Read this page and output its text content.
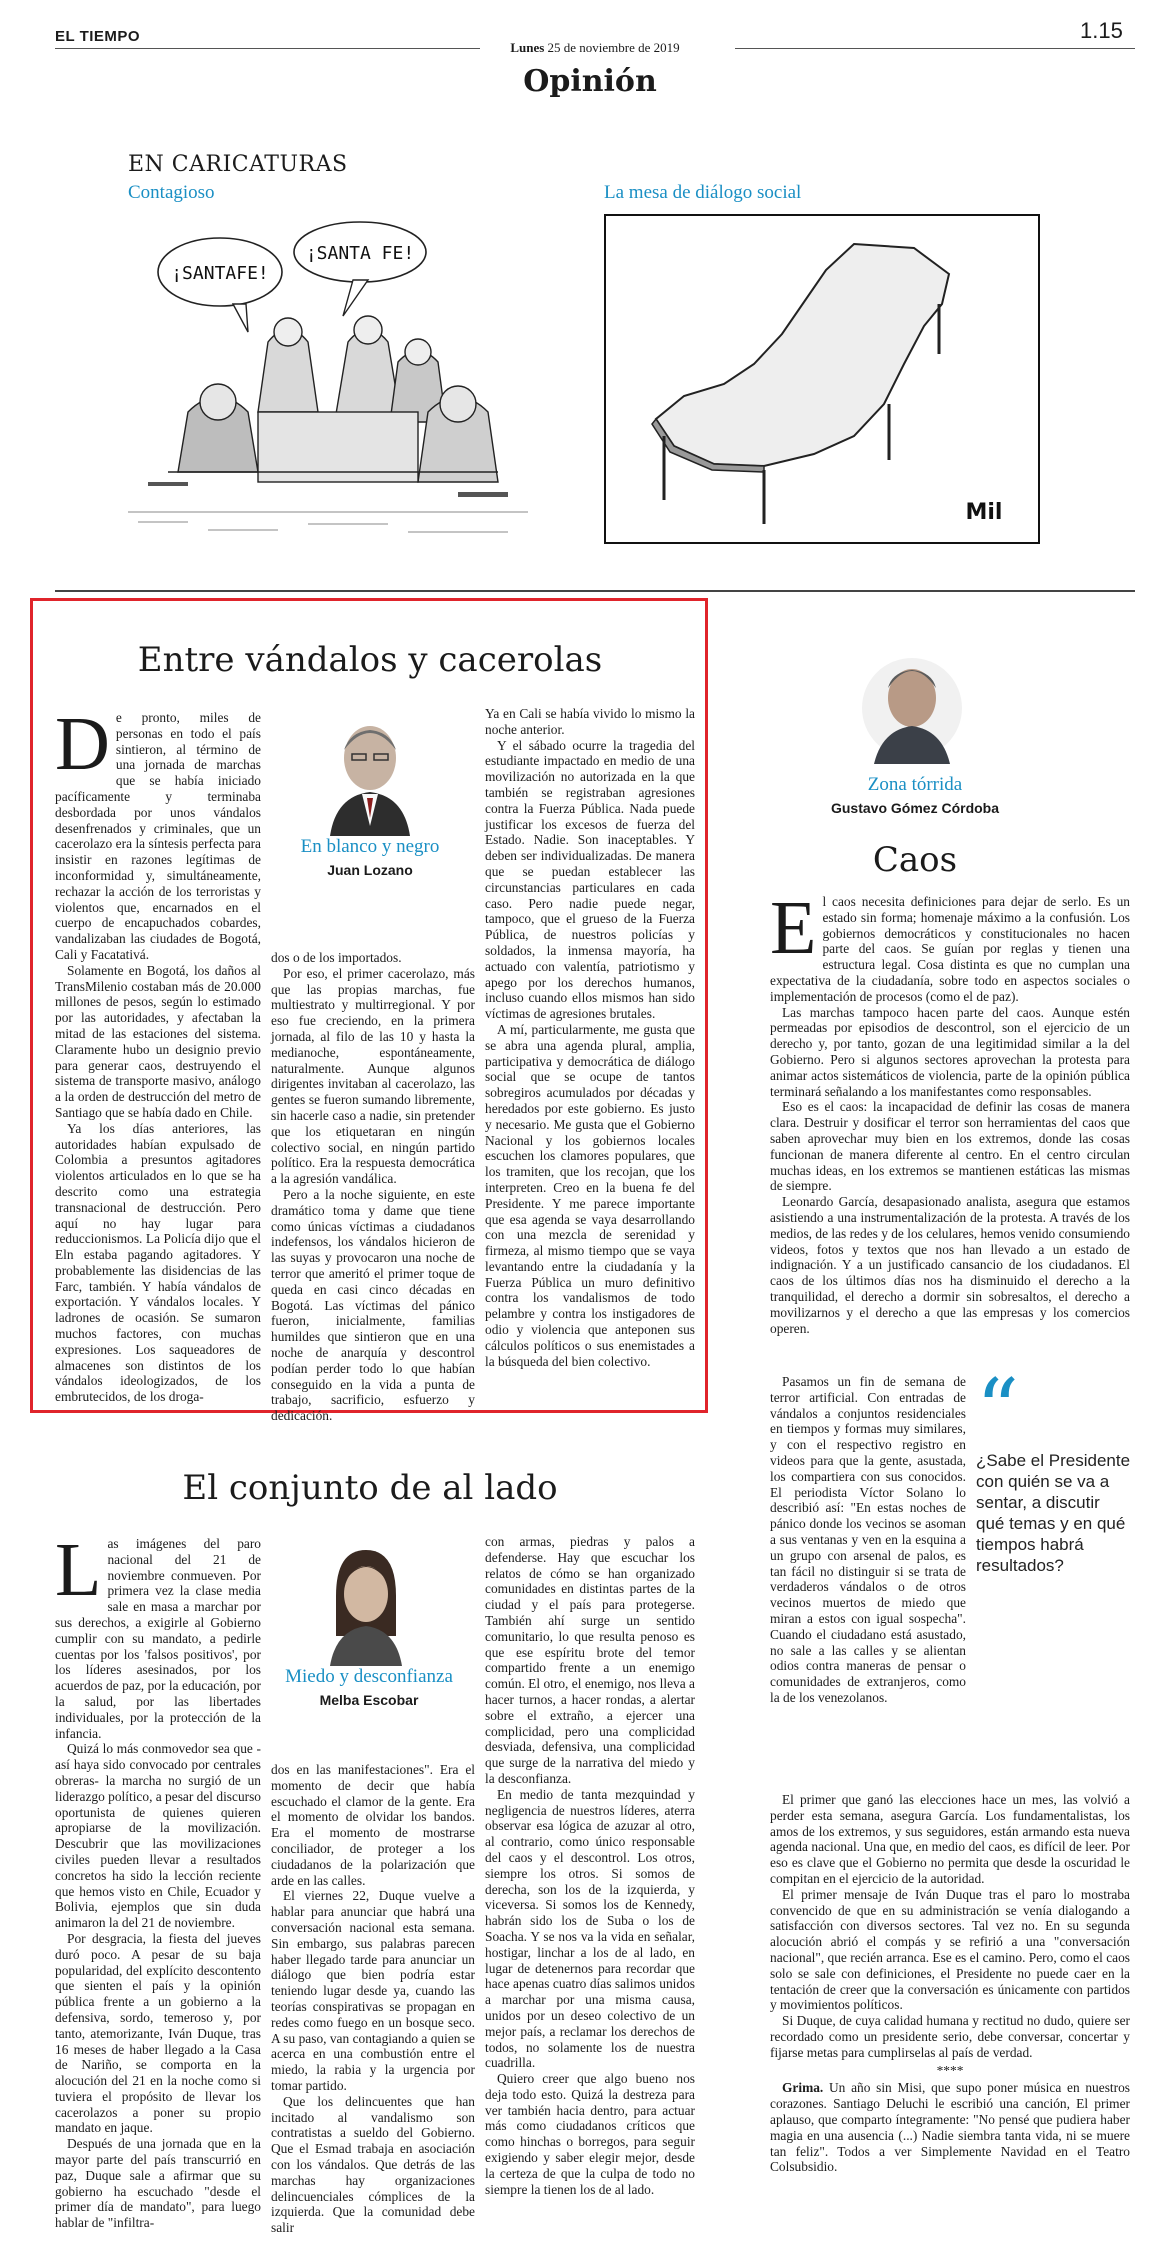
EL TIEMPO
Lunes 25 de noviembre de 2019
1.15
Opinión
EN CARICATURAS
Contagioso	La mesa de diálogo social
¡SANTAFE!
¡SANTA FE!
Mil
Entre vándalos y cacerolas
En blanco y negro
Juan Lozano
D e pronto, miles de personas en todo el país sintieron, al término de una jornada de marchas que se había iniciado pacíficamente y terminaba desbordada por unos vándalos desenfrenados y criminales, que un cacerolazo era la síntesis perfecta para insistir en razones legítimas de inconformidad y, simultáneamente, rechazar la acción de los terroristas y violentos que, encarnados en el cuerpo de encapuchados cobardes, vandalizaban las ciudades de Bogotá, Cali y Facatativá.

Solamente en Bogotá, los daños al TransMilenio costaban más de 20.000 millones de pesos, según lo estimado por las autoridades, y afectaban la mitad de las estaciones del sistema. Claramente hubo un designio previo para generar caos, destruyendo el sistema de transporte masivo, análogo a la orden de destrucción del metro de Santiago que se había dado en Chile.

Ya los días anteriores, las autoridades habían expulsado de Colombia a presuntos agitadores violentos articulados en lo que se ha descrito como una estrategia transnacional de destrucción. Pero aquí no hay lugar para reduccionismos. La Policía dijo que el Eln estaba pagando agitadores. Y probablemente las disidencias de las Farc, también. Y había vándalos de exportación. Y vándalos locales. Y ladrones de ocasión. Se sumaron muchos factores, con muchas expresiones. Los saqueadores de almacenes son distintos de los vándalos ideologizados, de los embrutecidos, de los droga-

dos o de los importados.

Por eso, el primer cacerolazo, más que las propias marchas, fue multiestrato y multirregional. Y por eso fue creciendo, en la primera jornada, al filo de las 10 y hasta la medianoche, espontáneamente, naturalmente. Aunque algunos dirigentes invitaban al cacerolazo, las gentes se fueron sumando libremente, sin hacerle caso a nadie, sin pretender que los etiquetaran en ningún colectivo social, en ningún partido político. Era la respuesta democrática a la agresión vandálica.

Pero a la noche siguiente, en este dramático toma y dame que tiene como únicas víctimas a ciudadanos indefensos, los vándalos hicieron de las suyas y provocaron una noche de terror que ameritó el primer toque de queda en casi cinco décadas en Bogotá. Las víctimas del pánico fueron, inicialmente, familias humildes que sintieron que en una noche de anarquía y descontrol podían perder todo lo que habían conseguido en la vida a punta de trabajo, sacrificio, esfuerzo y dedicación.

Ya en Cali se había vivido lo mismo la noche anterior.

Y el sábado ocurre la tragedia del estudiante impactado en medio de una movilización no autorizada en la que también se registraban agresiones contra la Fuerza Pública. Nada puede justificar los excesos de fuerza del Estado. Nadie. Son inaceptables. Y deben ser individualizadas. De manera que se puedan establecer las circunstancias particulares en cada caso. Pero nadie puede negar, tampoco, que el grueso de la Fuerza Pública, de nuestros policías y soldados, la inmensa mayoría, ha actuado con valentía, patriotismo y apego por los derechos humanos, incluso cuando ellos mismos han sido víctimas de agresiones brutales.

A mí, particularmente, me gusta que se abra una agenda plural, amplia, participativa y democrática de diálogo social que se ocupe de tantos sobregiros acumulados por décadas y heredados por este gobierno. Es justo y necesario. Me gusta que el Gobierno Nacional y los gobiernos locales escuchen los clamores populares, que los tramiten, que los recojan, que los interpreten. Creo en la buena fe del Presidente. Y me parece importante que esa agenda se vaya desarrollando con una mezcla de serenidad y firmeza, al mismo tiempo que se vaya levantando entre la ciudadanía y la Fuerza Pública un muro definitivo contra los vandalismos de todo pelambre y contra los instigadores de odio y violencia que anteponen sus cálculos políticos o sus enemistades a la búsqueda del bien colectivo.

El conjunto de al lado
Miedo y desconfianza
Melba Escobar
L as imágenes del paro nacional del 21 de noviembre conmueven. Por primera vez la clase media sale en masa a marchar por sus derechos, a exigirle al Gobierno cumplir con su mandato, a pedirle cuentas por los 'falsos positivos', por los líderes asesinados, por los acuerdos de paz, por la educación, por la salud, por las libertades individuales, por la protección de la infancia.

Quizá lo más conmovedor sea que -así haya sido convocado por centrales obreras- la marcha no surgió de un liderazgo político, a pesar del discurso oportunista de quienes quieren apropiarse de la movilización. Descubrir que las movilizaciones civiles pueden llevar a resultados concretos ha sido la lección reciente que hemos visto en Chile, Ecuador y Bolivia, ejemplos que sin duda animaron la del 21 de noviembre.

Por desgracia, la fiesta del jueves duró poco. A pesar de su baja popularidad, del explícito descontento que sienten el país y la opinión pública frente a un gobierno a la defensiva, sordo, temeroso y, por tanto, atemorizante, Iván Duque, tras 16 meses de haber llegado a la Casa de Nariño, se comporta en la alocución del 21 en la noche como si tuviera el propósito de llevar los cacerolazos a poner su propio mandato en jaque.

Después de una jornada que en la mayor parte del país transcurrió en paz, Duque sale a afirmar que su gobierno ha escuchado "desde el primer día de mandato", para luego hablar de "infiltra-

dos en las manifestaciones". Era el momento de decir que había escuchado el clamor de la gente. Era el momento de olvidar los bandos. Era el momento de mostrarse conciliador, de proteger a los ciudadanos de la polarización que arde en las calles.

El viernes 22, Duque vuelve a hablar para anunciar que habrá una conversación nacional esta semana. Sin embargo, sus palabras parecen haber llegado tarde para anunciar un diálogo que bien podría estar teniendo lugar desde ya, cuando las teorías conspirativas se propagan en redes como fuego en un bosque seco. A su paso, van contagiando a quien se acerca en una combustión entre el miedo, la rabia y la urgencia por tomar partido.

Que los delincuentes que han incitado al vandalismo son contratistas a sueldo del Gobierno. Que el Esmad trabaja en asociación con los vándalos. Que detrás de las marchas hay organizaciones delincuenciales cómplices de la izquierda. Que la comunidad debe salir

con armas, piedras y palos a defenderse. Hay que escuchar los relatos de cómo se han organizado comunidades en distintas partes de la ciudad y el país para protegerse. También ahí surge un sentido comunitario, lo que resulta penoso es que ese espíritu brote del temor compartido frente a un enemigo común. El otro, el enemigo, nos lleva a hacer turnos, a hacer rondas, a alertar sobre el extraño, a ejercer una complicidad, pero una complicidad desviada, defensiva, una complicidad que surge de la narrativa del miedo y la desconfianza.

En medio de tanta mezquindad y negligencia de nuestros líderes, aterra observar esa lógica de azuzar al otro, al contrario, como único responsable del caos y el descontrol. Los otros, siempre los otros. Si somos de derecha, son los de la izquierda, y viceversa. Si somos los de Kennedy, habrán sido los de Suba o los de Soacha. Y se nos va la vida en señalar, hostigar, linchar a los de al lado, en lugar de detenernos para recordar que hace apenas cuatro días salimos unidos a marchar por una misma causa, unidos por un deseo colectivo de un mejor país, a reclamar los derechos de todos, no solamente los de nuestra cuadrilla.

Quiero creer que algo bueno nos deja todo esto. Quizá la destreza para ver también hacia dentro, para actuar más como ciudadanos críticos que como hinchas o borregos, para seguir exigiendo y saber elegir mejor, desde la certeza de que la culpa de todo no siempre la tienen los de al lado.

Zona tórrida
Gustavo Gómez Córdoba
Caos
E l caos necesita definiciones para dejar de serlo. Es un estado sin forma; homenaje máximo a la confusión. Los gobiernos democráticos y constitucionales no hacen parte del caos. Se guían por reglas y tienen una estructura legal. Cosa distinta es que no cumplan una expectativa de la ciudadanía, sobre todo en aspectos sociales o implementación de procesos (como el de paz).

Las marchas tampoco hacen parte del caos. Aunque estén permeadas por episodios de descontrol, son el ejercicio de un derecho y, por tanto, gozan de una legitimidad similar a la del Gobierno. Pero si algunos sectores aprovechan la protesta para animar actos sistemáticos de violencia, parte de la opinión pública terminará señalando a los manifestantes como responsables.

Eso es el caos: la incapacidad de definir las cosas de manera clara. Destruir y dosificar el terror son herramientas del caos que saben aprovechar muy bien en los extremos, donde las cosas funcionan de manera diferente al centro. En el centro circulan muchas ideas, en los extremos se mantienen estáticas las mismas de siempre.

Leonardo García, desapasionado analista, asegura que estamos asistiendo a una instrumentalización de la protesta. A través de los medios, de las redes y de los celulares, hemos venido consumiendo videos, fotos y textos que nos han llevado a un estado de indignación. Y a un justificado cansancio de los ciudadanos. El caos de los últimos días nos ha disminuido el derecho a la tranquilidad, el derecho a dormir sin sobresaltos, el derecho a movilizarnos y el derecho a que las empresas y los comercios operen.

“
¿Sabe el Presidente con quién se va a sentar, a discutir qué temas y en qué tiempos habrá resultados?

Pasamos un fin de semana de terror artificial. Con entradas de vándalos a conjuntos residenciales en tiempos y formas muy similares, y con el respectivo registro en videos para que la gente, asustada, los compartiera con sus conocidos. El periodista Víctor Solano lo describió así: "En estas noches de pánico donde los vecinos se asoman a sus ventanas y ven en la esquina a un grupo con arsenal de palos, es tan fácil no distinguir si se trata de verdaderos vándalos o de otros vecinos muertos de miedo que miran a estos con igual sospecha". Cuando el ciudadano está asustado, no sale a las calles y se alientan odios contra maneras de pensar o comunidades de extranjeros, como la de los venezolanos.

El primer que ganó las elecciones hace un mes, las volvió a perder esta semana, asegura García. Los fundamentalistas, los amos de los extremos, y sus seguidores, están armando esta nueva agenda nacional. Una que, en medio del caos, es difícil de leer. Por eso es clave que el Gobierno no permita que desde la oscuridad le compitan en el ejercicio de la autoridad.

El primer mensaje de Iván Duque tras el paro lo mostraba convencido de que en su administración se venía dialogando a satisfacción con diversos sectores. Tal vez no. En su segunda alocución abrió el compás y se refirió a una "conversación nacional", que recién arranca. Ese es el camino. Pero, como el caos solo se sale con definiciones, el Presidente no puede caer en la tentación de creer que la conversación es únicamente con partidos y movimientos políticos.

Si Duque, de cuya calidad humana y rectitud no dudo, quiere ser recordado como un presidente serio, debe conversar, concertar y fijarse metas para cumplirselas al país de verdad.

****

Grima. Un año sin Misi, que supo poner música en nuestros corazones. Santiago Deluchi le escribió una canción, El primer aplauso, que comparto íntegramente: "No pensé que pudiera haber magia en una ausencia (...) Nadie siembra tanta vida, ni se muere tan feliz". Todos a ver Simplemente Navidad en el Teatro Colsubsidio.
